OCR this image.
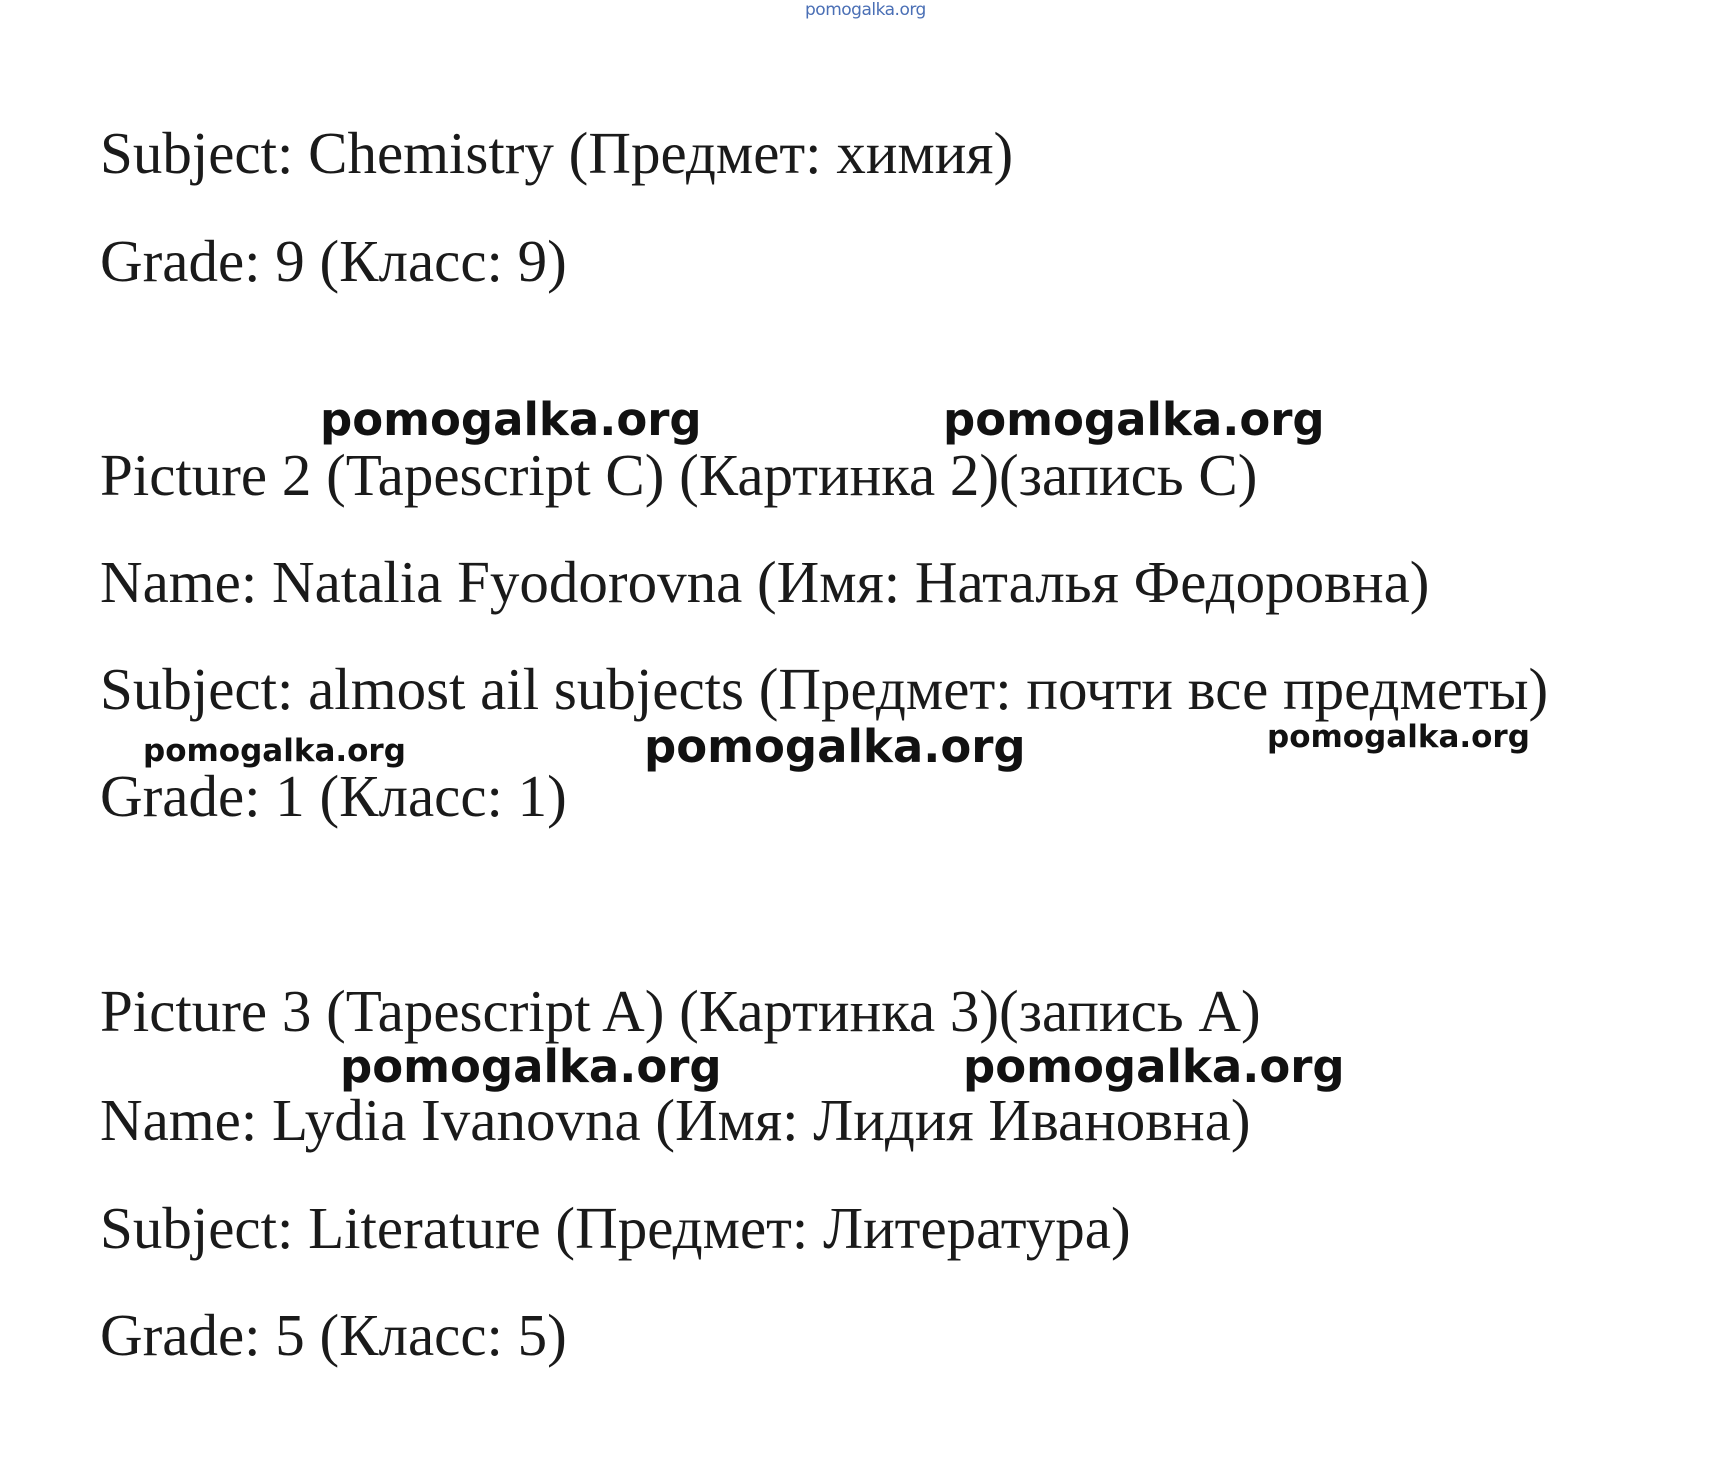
pomogalka.org

Subject: Chemistry (Предмет: химия)

Grade: 9 (Класс: 9)

pomogalka.org	pomogalka.org

Picture 2 (Tapescript C) (Картинка 2)(запись С)

Name: Natalia Fyodorovna (Имя: Наталья Федоровна)

Subject: almost ail subjects (Предмет: почти все предметы)

pomogalka.org	pomogalka.org	pomogalka.org

Grade: 1 (Класс: 1)

Picture 3 (Tapescript A) (Картинка 3)(запись А)

pomogalka.org	pomogalka.org

Name: Lydia Ivanovna (Имя: Лидия Ивановна)

Subject: Literature (Предмет: Литература)

Grade: 5 (Класс: 5)
